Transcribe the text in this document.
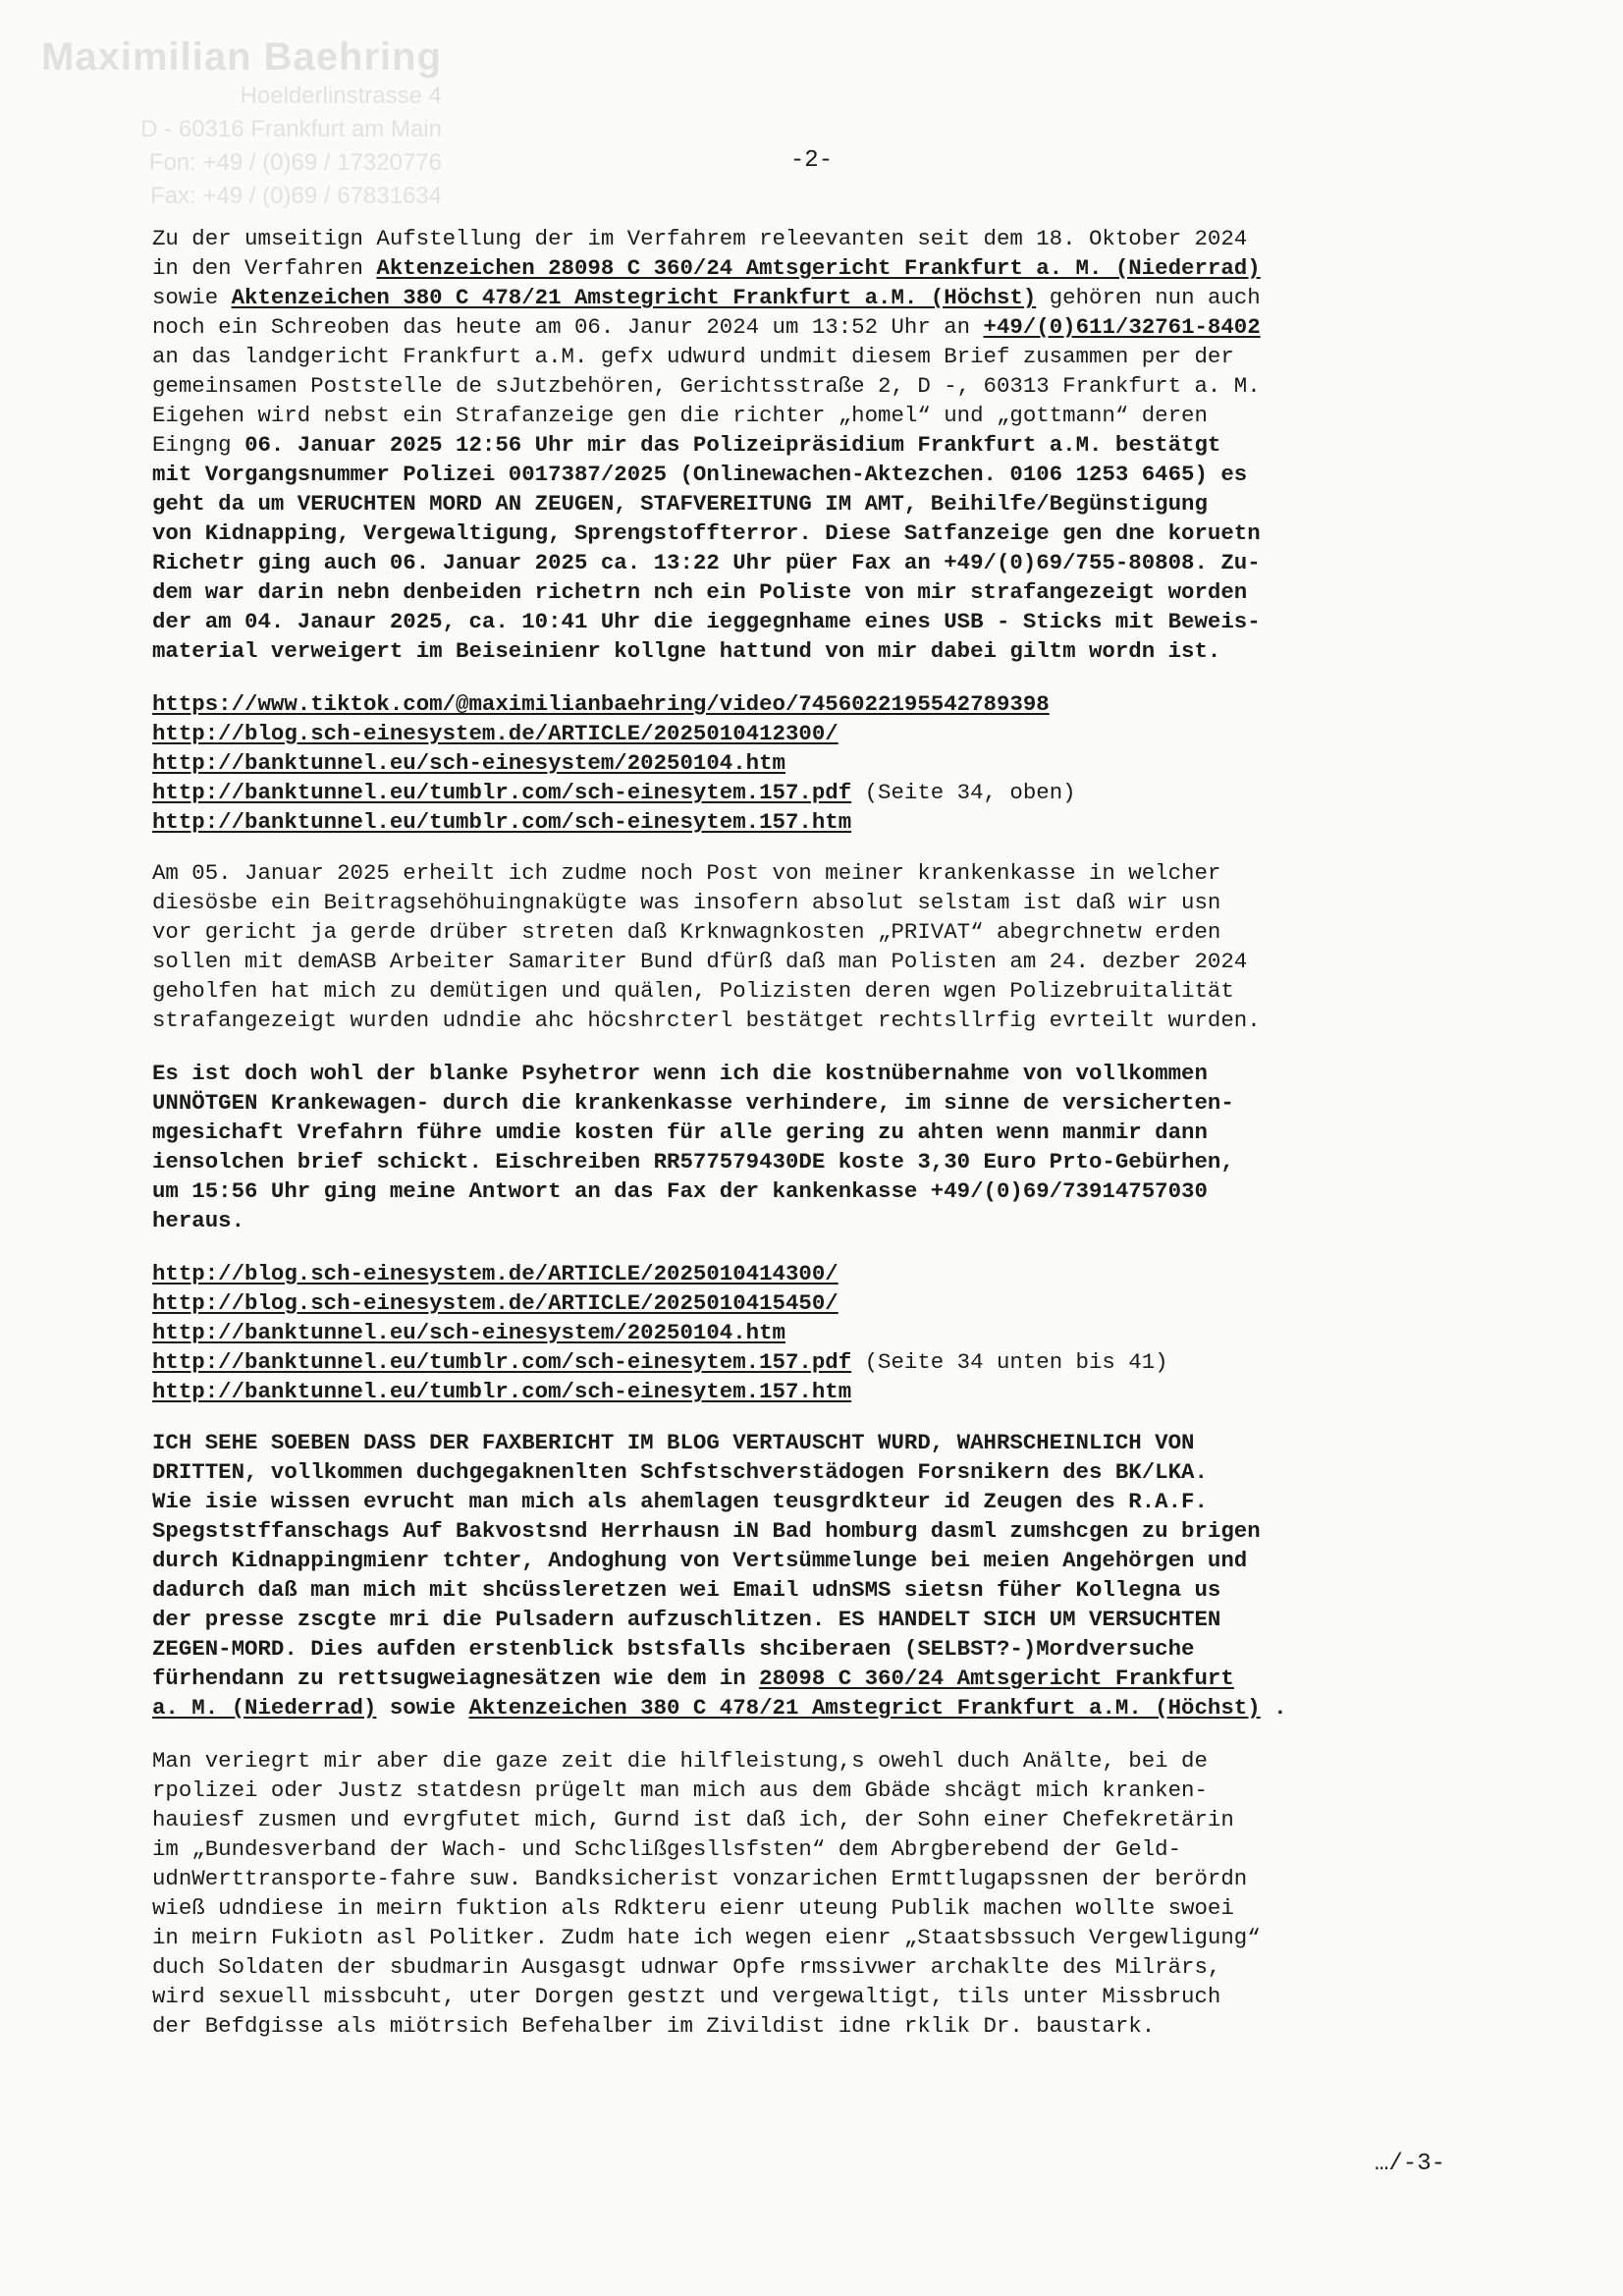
Maximilian Baehring
Hoelderlinstrasse 4
D - 60316 Frankfurt am Main
Fon: +49 / (0)69 / 17320776
Fax: +49 / (0)69 / 67831634
-2-
Zu der umseitign Aufstellung der im Verfahrem releevanten seit dem 18. Oktober 2024
in den Verfahren Aktenzeichen 28098 C 360/24 Amtsgericht Frankfurt a. M. (Niederrad)
sowie Aktenzeichen 380 C 478/21 Amstegricht Frankfurt a.M. (Höchst) gehören nun auch
noch ein Schreoben das heute am 06. Janur 2024 um 13:52 Uhr an +49/(0)611/32761-8402
an das landgericht Frankfurt a.M. gefx udwurd undmit diesem Brief zusammen per der
gemeinsamen Poststelle de sJutzbehören, Gerichtsstraße 2, D -, 60313 Frankfurt a. M.
Eigehen wird nebst ein Strafanzeige gen die richter „homel“ und „gottmann“ deren
Eingng 06. Januar 2025 12:56 Uhr mir das Polizeipräsidium Frankfurt a.M. bestätgt
mit Vorgangsnummer Polizei 0017387/2025 (Onlinewachen-Aktezchen. 0106 1253 6465) es
geht da um VERUCHTEN MORD AN ZEUGEN, STAFVEREITUNG IM AMT, Beihilfe/Begünstigung
von Kidnapping, Vergewaltigung, Sprengstoffterror. Diese Satfanzeige gen dne koruetn
Richetr ging auch 06. Januar 2025 ca. 13:22 Uhr püer Fax an +49/(0)69/755-80808. Zu-
dem war darin nebn denbeiden richetrn nch ein Poliste von mir strafangezeigt worden
der am 04. Janaur 2025, ca. 10:41 Uhr die ieggegnhame eines USB - Sticks mit Beweis-
material verweigert im Beiseinienr kollgne hattund von mir dabei giltm wordn ist.
https://www.tiktok.com/@maximilianbaehring/video/7456022195542789398
http://blog.sch-einesystem.de/ARTICLE/2025010412300/
http://banktunnel.eu/sch-einesystem/20250104.htm
http://banktunnel.eu/tumblr.com/sch-einesytem.157.pdf (Seite 34, oben)
http://banktunnel.eu/tumblr.com/sch-einesytem.157.htm
Am 05. Januar 2025 erheilt ich zudme noch Post von meiner krankenkasse in welcher
diesösbe ein Beitragsehöhuingnakügte was insofern absolut selstam ist daß wir usn
vor gericht ja gerde drüber streten daß Krknwagnkosten „PRIVAT“ abegrchnetw erden
sollen mit demASB Arbeiter Samariter Bund dfürß daß man Polisten am 24. dezber 2024
geholfen hat mich zu demütigen und quälen, Polizisten deren wgen Polizebruitalität
strafangezeigt wurden udndie ahc höcshrcterl bestätget rechtsllrfig evrteilt wurden.
Es ist doch wohl der blanke Psyhetror wenn ich die kostnübernahme von vollkommen
UNNÖTGEN Krankewagen- durch die krankenkasse verhindere, im sinne de versicherten-
mgesichaft Vrefahrn führe umdie kosten für alle gering zu ahten wenn manmir dann
iensolchen brief schickt. Eischreiben RR577579430DE koste 3,30 Euro Prto-Gebürhen,
um 15:56 Uhr ging meine Antwort an das Fax der kankenkasse +49/(0)69/73914757030
heraus.
http://blog.sch-einesystem.de/ARTICLE/2025010414300/
http://blog.sch-einesystem.de/ARTICLE/2025010415450/
http://banktunnel.eu/sch-einesystem/20250104.htm
http://banktunnel.eu/tumblr.com/sch-einesytem.157.pdf (Seite 34 unten bis 41)
http://banktunnel.eu/tumblr.com/sch-einesytem.157.htm
ICH SEHE SOEBEN DASS DER FAXBERICHT IM BLOG VERTAUSCHT WURD, WAHRSCHEINLICH VON
DRITTEN, vollkommen duchgegaknenlten Schfstschverstädogen Forsnikern des BK/LKA.
Wie isie wissen evrucht man mich als ahemlagen teusgrdkteur id Zeugen des R.A.F.
Spegststffanschags Auf Bakvostsnd Herrhausn iN Bad homburg dasml zumshcgen zu brigen
durch Kidnappingmienr tchter, Andoghung von Vertsümmelunge bei meien Angehörgen und
dadurch daß man mich mit shcüssleretzen wei Email udnSMS sietsn füher Kollegna us
der presse zscgte mri die Pulsadern aufzuschlitzen. ES HANDELT SICH UM VERSUCHTEN
ZEGEN-MORD. Dies aufden erstenblick bstsfalls shciberaen (SELBST?-)Mordversuche
fürhendann zu rettsugweiagnesätzen wie dem in 28098 C 360/24 Amtsgericht Frankfurt
a. M. (Niederrad) sowie Aktenzeichen 380 C 478/21 Amstegrict Frankfurt a.M. (Höchst) .
Man veriegrt mir aber die gaze zeit die hilfleistung,s owehl duch Anälte, bei de
rpolizei oder Justz statdesn prügelt man mich aus dem Gbäde shcägt mich kranken-
hauiesf zusmen und evrgfutet mich, Gurnd ist daß ich, der Sohn einer Chefekretärin
im „Bundesverband der Wach- und Schclißgesllsfsten“ dem Abrgberebend der Geld-
udnWerttransporte-fahre suw. Bandksicherist vonzarichen Ermttlugapssnen der berördn
wieß udndiese in meirn fuktion als Rdkteru eienr uteung Publik machen wollte swoei
in meirn Fukiotn asl Politker. Zudm hate ich wegen eienr „Staatsbssuch Vergewligung“
duch Soldaten der sbudmarin Ausgasgt udnwar Opfe rmssivwer archaklte des Milrärs,
wird sexuell missbcuht, uter Dorgen gestzt und vergewaltigt, tils unter Missbruch
der Befdgisse als miötrsich Befehalber im Zivildist idne rklik Dr. baustark.
…/-3-
